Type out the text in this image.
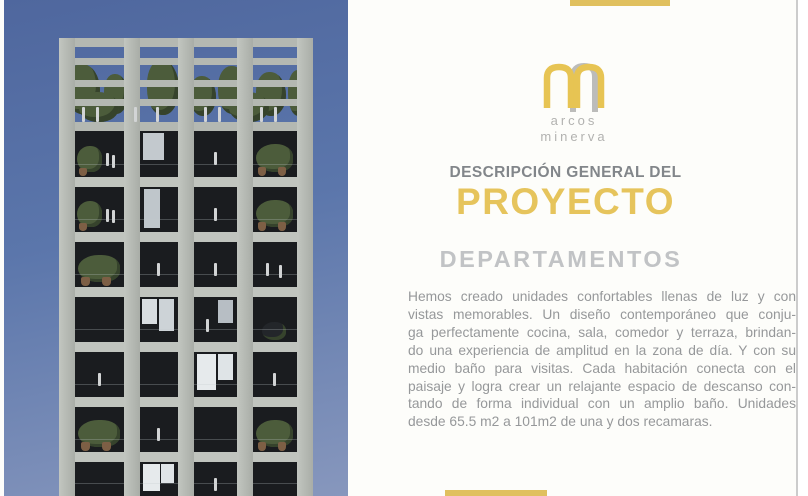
arcos
minerva
DESCRIPCIÓN GENERAL DEL
PROYECTO
DEPARTAMENTOS
Hemos creado unidades confortables llenas de luz y con
vistas memorables. Un diseño contemporáneo que conju-
ga perfectamente cocina, sala, comedor y terraza, brindan-
do una experiencia de amplitud en la zona de día. Y con su
medio baño para visitas. Cada habitación conecta con el
paisaje y logra crear un relajante espacio de descanso con-
tando de forma individual con un amplio baño. Unidades
desde 65.5 m2 a 101m2 de una y dos recamaras.
